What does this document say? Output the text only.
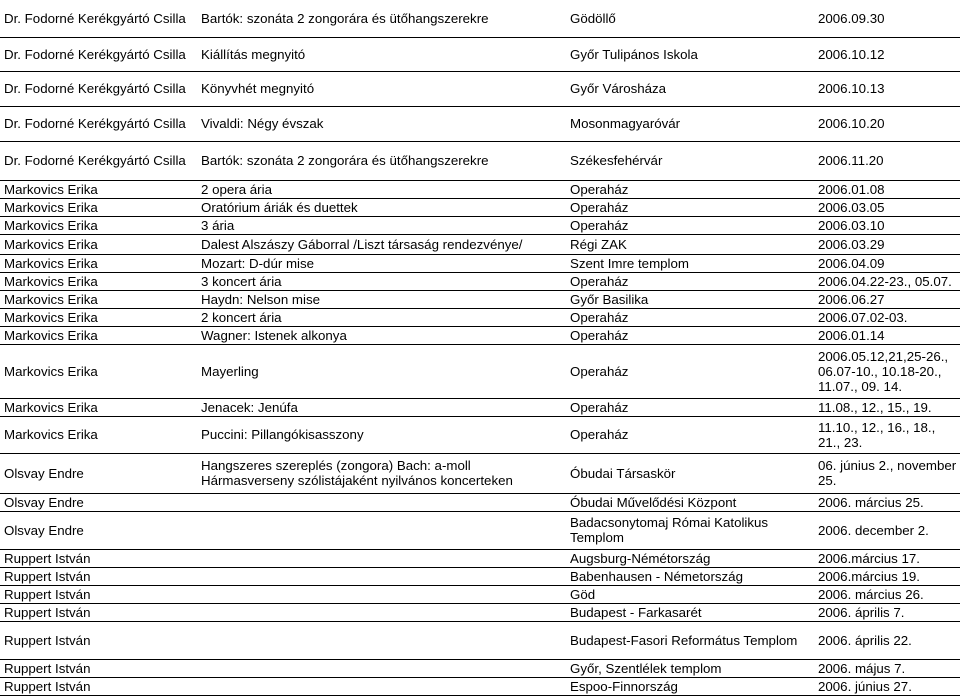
Dr. Fodorné Kerékgyártó Csilla	Bartók: szonáta 2 zongorára és ütőhangszerekre	Gödöllő	2006.09.30
Dr. Fodorné Kerékgyártó Csilla	Kiállítás megnyitó	Győr Tulipános Iskola	2006.10.12
Dr. Fodorné Kerékgyártó Csilla	Könyvhét megnyitó	Győr Városháza	2006.10.13
Dr. Fodorné Kerékgyártó Csilla	Vivaldi: Négy évszak	Mosonmagyaróvár	2006.10.20
Dr. Fodorné Kerékgyártó Csilla	Bartók: szonáta 2 zongorára és ütőhangszerekre	Székesfehérvár	2006.11.20
Markovics Erika	2 opera ária	Operaház	2006.01.08
Markovics Erika	Oratórium áriák és duettek	Operaház	2006.03.05
Markovics Erika	3 ária	Operaház	2006.03.10
Markovics Erika	Dalest Alszászy Gáborral /Liszt társaság rendezvénye/	Régi ZAK	2006.03.29
Markovics Erika	Mozart: D-dúr mise	Szent Imre templom	2006.04.09
Markovics Erika	3 koncert ária	Operaház	2006.04.22-23., 05.07.
Markovics Erika	Haydn: Nelson mise	Győr Basilika	2006.06.27
Markovics Erika	2 koncert ária	Operaház	2006.07.02-03.
Markovics Erika	Wagner: Istenek alkonya	Operaház	2006.01.14
Markovics Erika	Mayerling	Operaház	2006.05.12,21,25-26., 06.07-10., 10.18-20., 11.07., 09. 14.
Markovics Erika	Jenacek: Jenúfa	Operaház	11.08., 12., 15., 19.
Markovics Erika	Puccini: Pillangókisasszony	Operaház	11.10., 12., 16., 18., 21., 23.
Olsvay Endre	Hangszeres szereplés (zongora) Bach: a-moll Hármasverseny szólistájaként nyilvános koncerteken	Óbudai Társaskör	06. június 2., november 25.
Olsvay Endre		Óbudai Művelődési Központ	2006. március 25.
Olsvay Endre		Badacsonytomaj Római Katolikus Templom	2006. december 2.
Ruppert István		Augsburg-Némétország	2006.március 17.
Ruppert István		Babenhausen - Németország	2006.március 19.
Ruppert István		Göd	2006. március 26.
Ruppert István		Budapest - Farkasarét	2006. április 7.
Ruppert István		Budapest-Fasori Református Templom	2006. április 22.
Ruppert István		Győr, Szentlélek templom	2006. május 7.
Ruppert István		Espoo-Finnország	2006. június 27.
